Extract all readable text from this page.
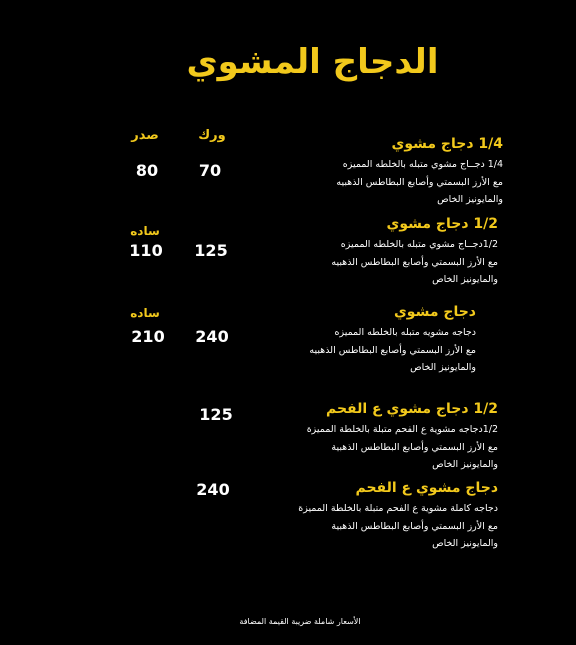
الدجاج المشوي
ورك
صدر
1/4 دجاج مشوي
1/4 دجــاج مشوي متبله بالخلطه المميزه
مع الأرز البسمتي وأصابع البطاطس الذهبيه
والمايونيز الخاص
70
80
1/2 دجاج مشوي
1/2دجــاج مشوي متبله بالخلطه المميزه
مع الأرز البسمتي وأصابع البطاطس الذهبيه
والمايونيز الخاص
ساده
110	125
دجاج مشوي
دجاجه مشويه متبله بالخلطه المميزه
مع الأرز البسمتي وأصابع البطاطس الذهبيه
والمايونيز الخاص
ساده
210	240
1/2 دجاج مشوي ع الفحم
1/2دجاجه مشوية ع الفحم متبلة بالخلطة المميزة
مع الأرز البسمتي وأصابع البطاطس الذهبية
والمايونيز الخاص
125
دجاج مشوي ع الفحم
دجاجه كاملة مشوية ع الفحم متبلة بالخلطة المميزة
مع الأرز البسمتي وأصابع البطاطس الذهبية
والمايونيز الخاص
240
الأسعار شاملة ضريبة القيمة المضافة
